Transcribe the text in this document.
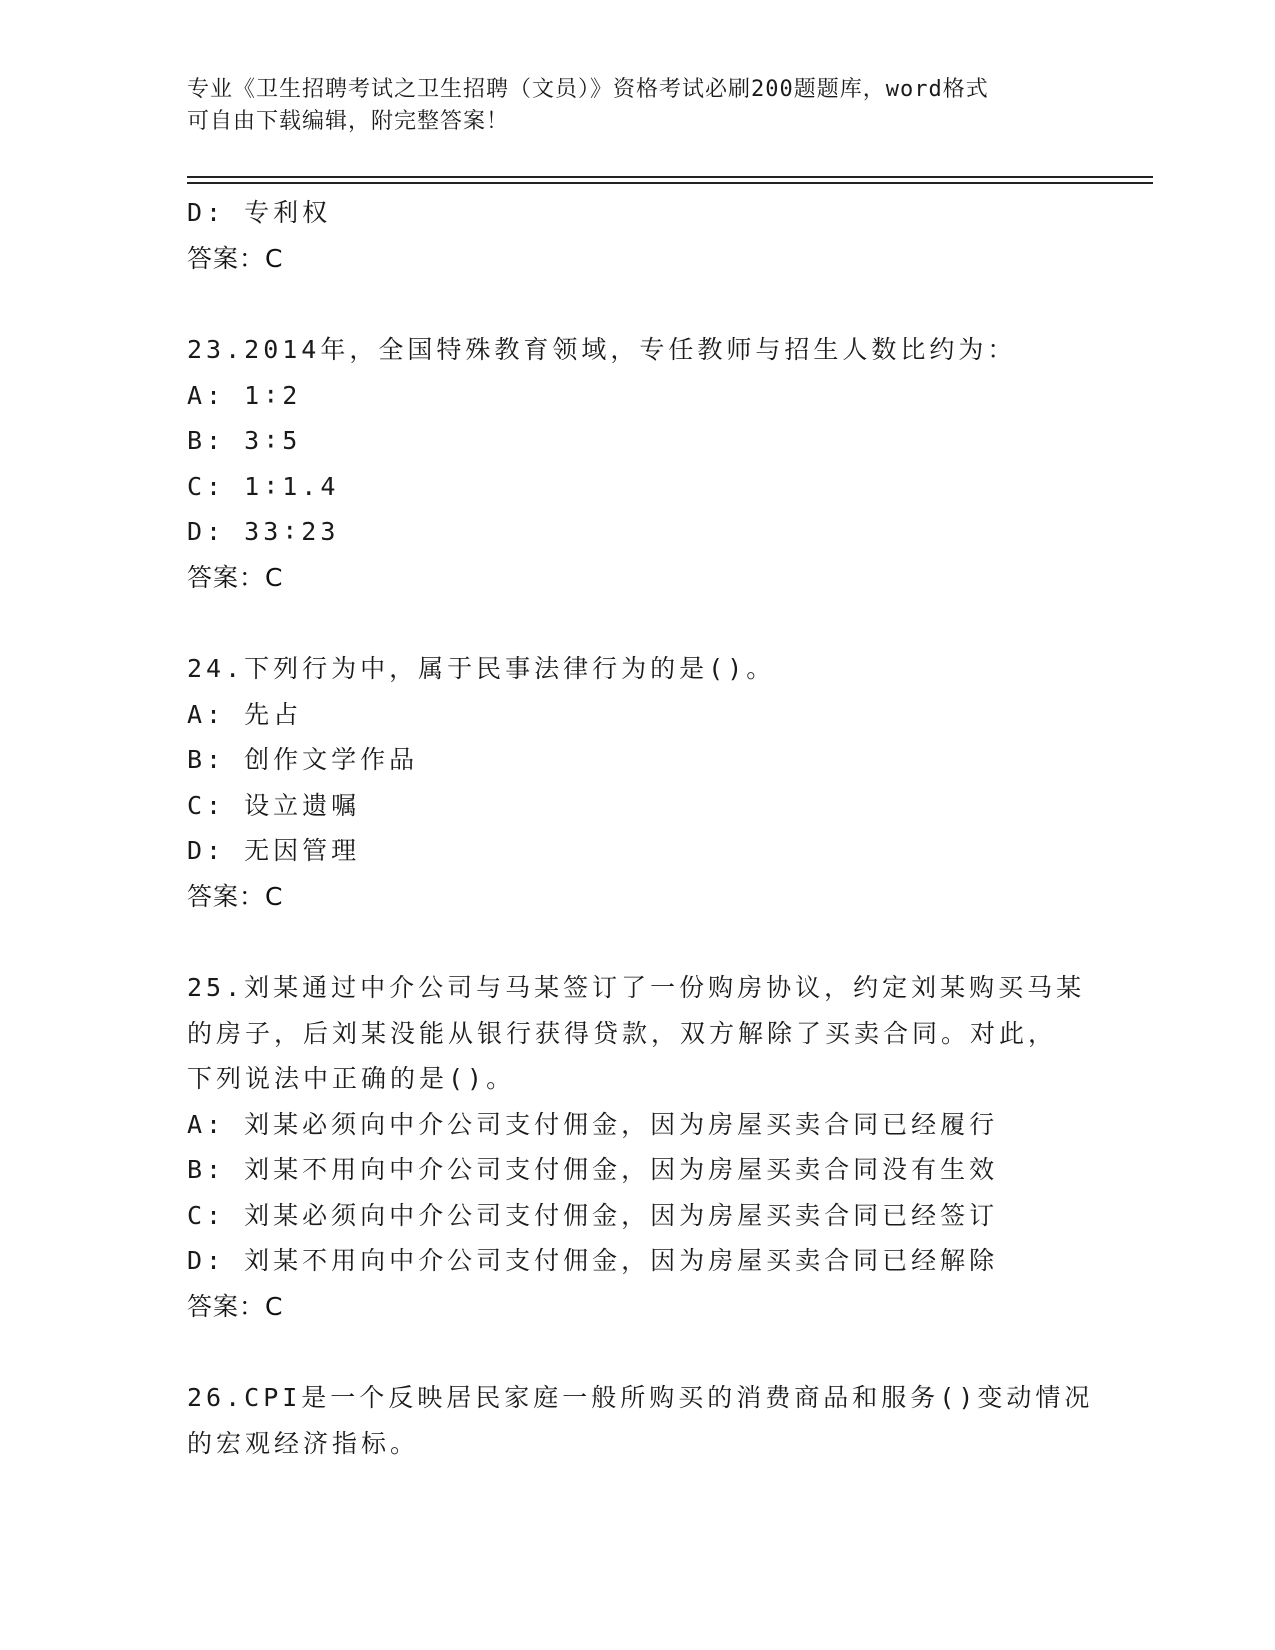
专业《卫生招聘考试之卫生招聘（文员）》资格考试必刷200题题库，word格式
可自由下载编辑，附完整答案！
D: 专利权
答案：C
23.2014年，全国特殊教育领域，专任教师与招生人数比约为：
A: 1∶2
B: 3∶5
C: 1∶1.4
D: 33∶23
答案：C
24.下列行为中，属于民事法律行为的是()。
A: 先占
B: 创作文学作品
C: 设立遗嘱
D: 无因管理
答案：C
25.刘某通过中介公司与马某签订了一份购房协议，约定刘某购买马某
的房子，后刘某没能从银行获得贷款，双方解除了买卖合同。对此，
下列说法中正确的是()。
A: 刘某必须向中介公司支付佣金，因为房屋买卖合同已经履行
B: 刘某不用向中介公司支付佣金，因为房屋买卖合同没有生效
C: 刘某必须向中介公司支付佣金，因为房屋买卖合同已经签订
D: 刘某不用向中介公司支付佣金，因为房屋买卖合同已经解除
答案：C
26.CPI是一个反映居民家庭一般所购买的消费商品和服务()变动情况
的宏观经济指标。
